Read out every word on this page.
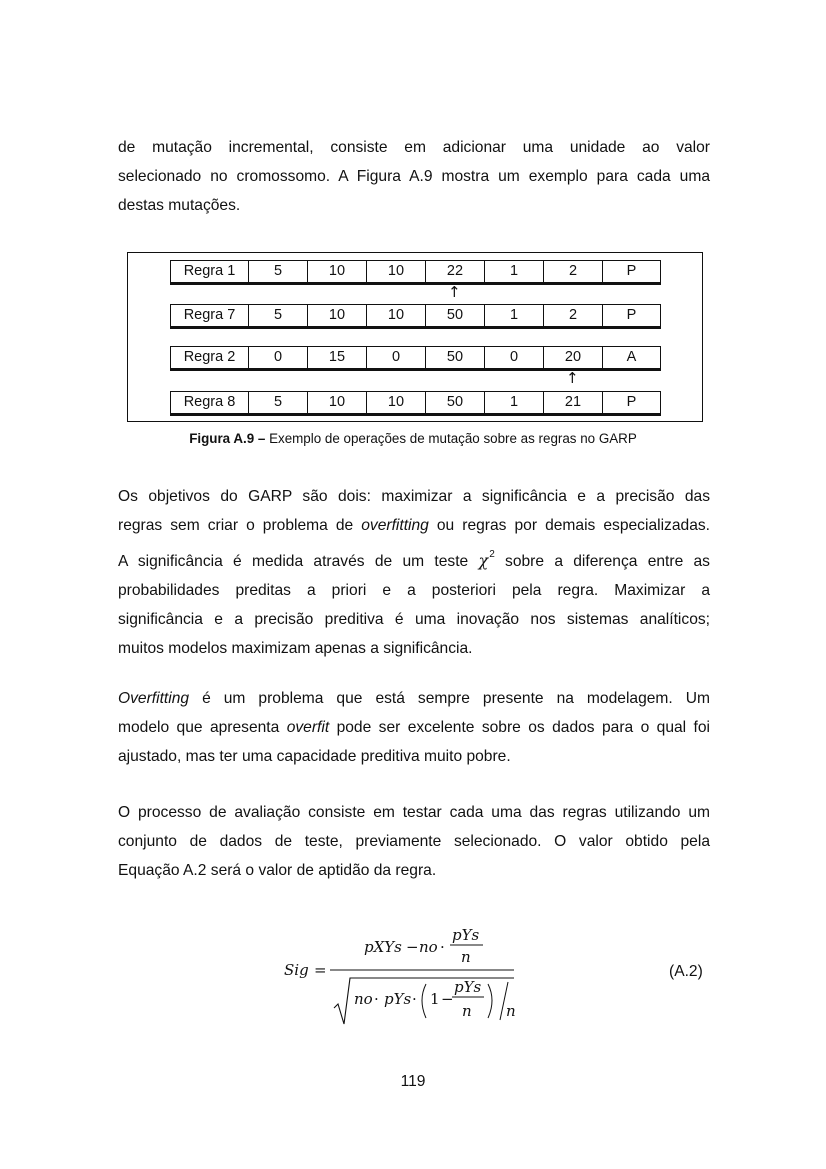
de mutação incremental, consiste em adicionar uma unidade ao valor
selecionado no cromossomo. A Figura A.9 mostra um exemplo para cada uma
destas mutações.
Regra 1	5	10	10	22	1	2	P
Regra 7	5	10	10	50	1	2	P
Regra 2	0	15	0	50	0	20	A
Regra 8	5	10	10	50	1	21	P
↑
↑
Figura A.9 – Exemplo de operações de mutação sobre as regras no GARP
Os objetivos do GARP são dois: maximizar a significância e a precisão das
regras sem criar o problema de overfitting ou regras por demais especializadas.
A significância é medida através de um teste $\chi^2$ sobre a diferença entre as
probabilidades preditas a priori e a posteriori pela regra. Maximizar a
significância e a precisão preditiva é uma inovação nos sistemas analíticos;
muitos modelos maximizam apenas a significância.
Overfitting é um problema que está sempre presente na modelagem. Um
modelo que apresenta overfit pode ser excelente sobre os dados para o qual foi
ajustado, mas ter uma capacidade preditiva muito pobre.
O processo de avaliação consiste em testar cada uma das regras utilizando um
conjunto de dados de teste, previamente selecionado. O valor obtido pela
Equação A.2 será o valor de aptidão da regra.
Sig =
pXYs − no ·
pYs
n
no · pYs · 1 −
pYs
n n
(A.2)
119
